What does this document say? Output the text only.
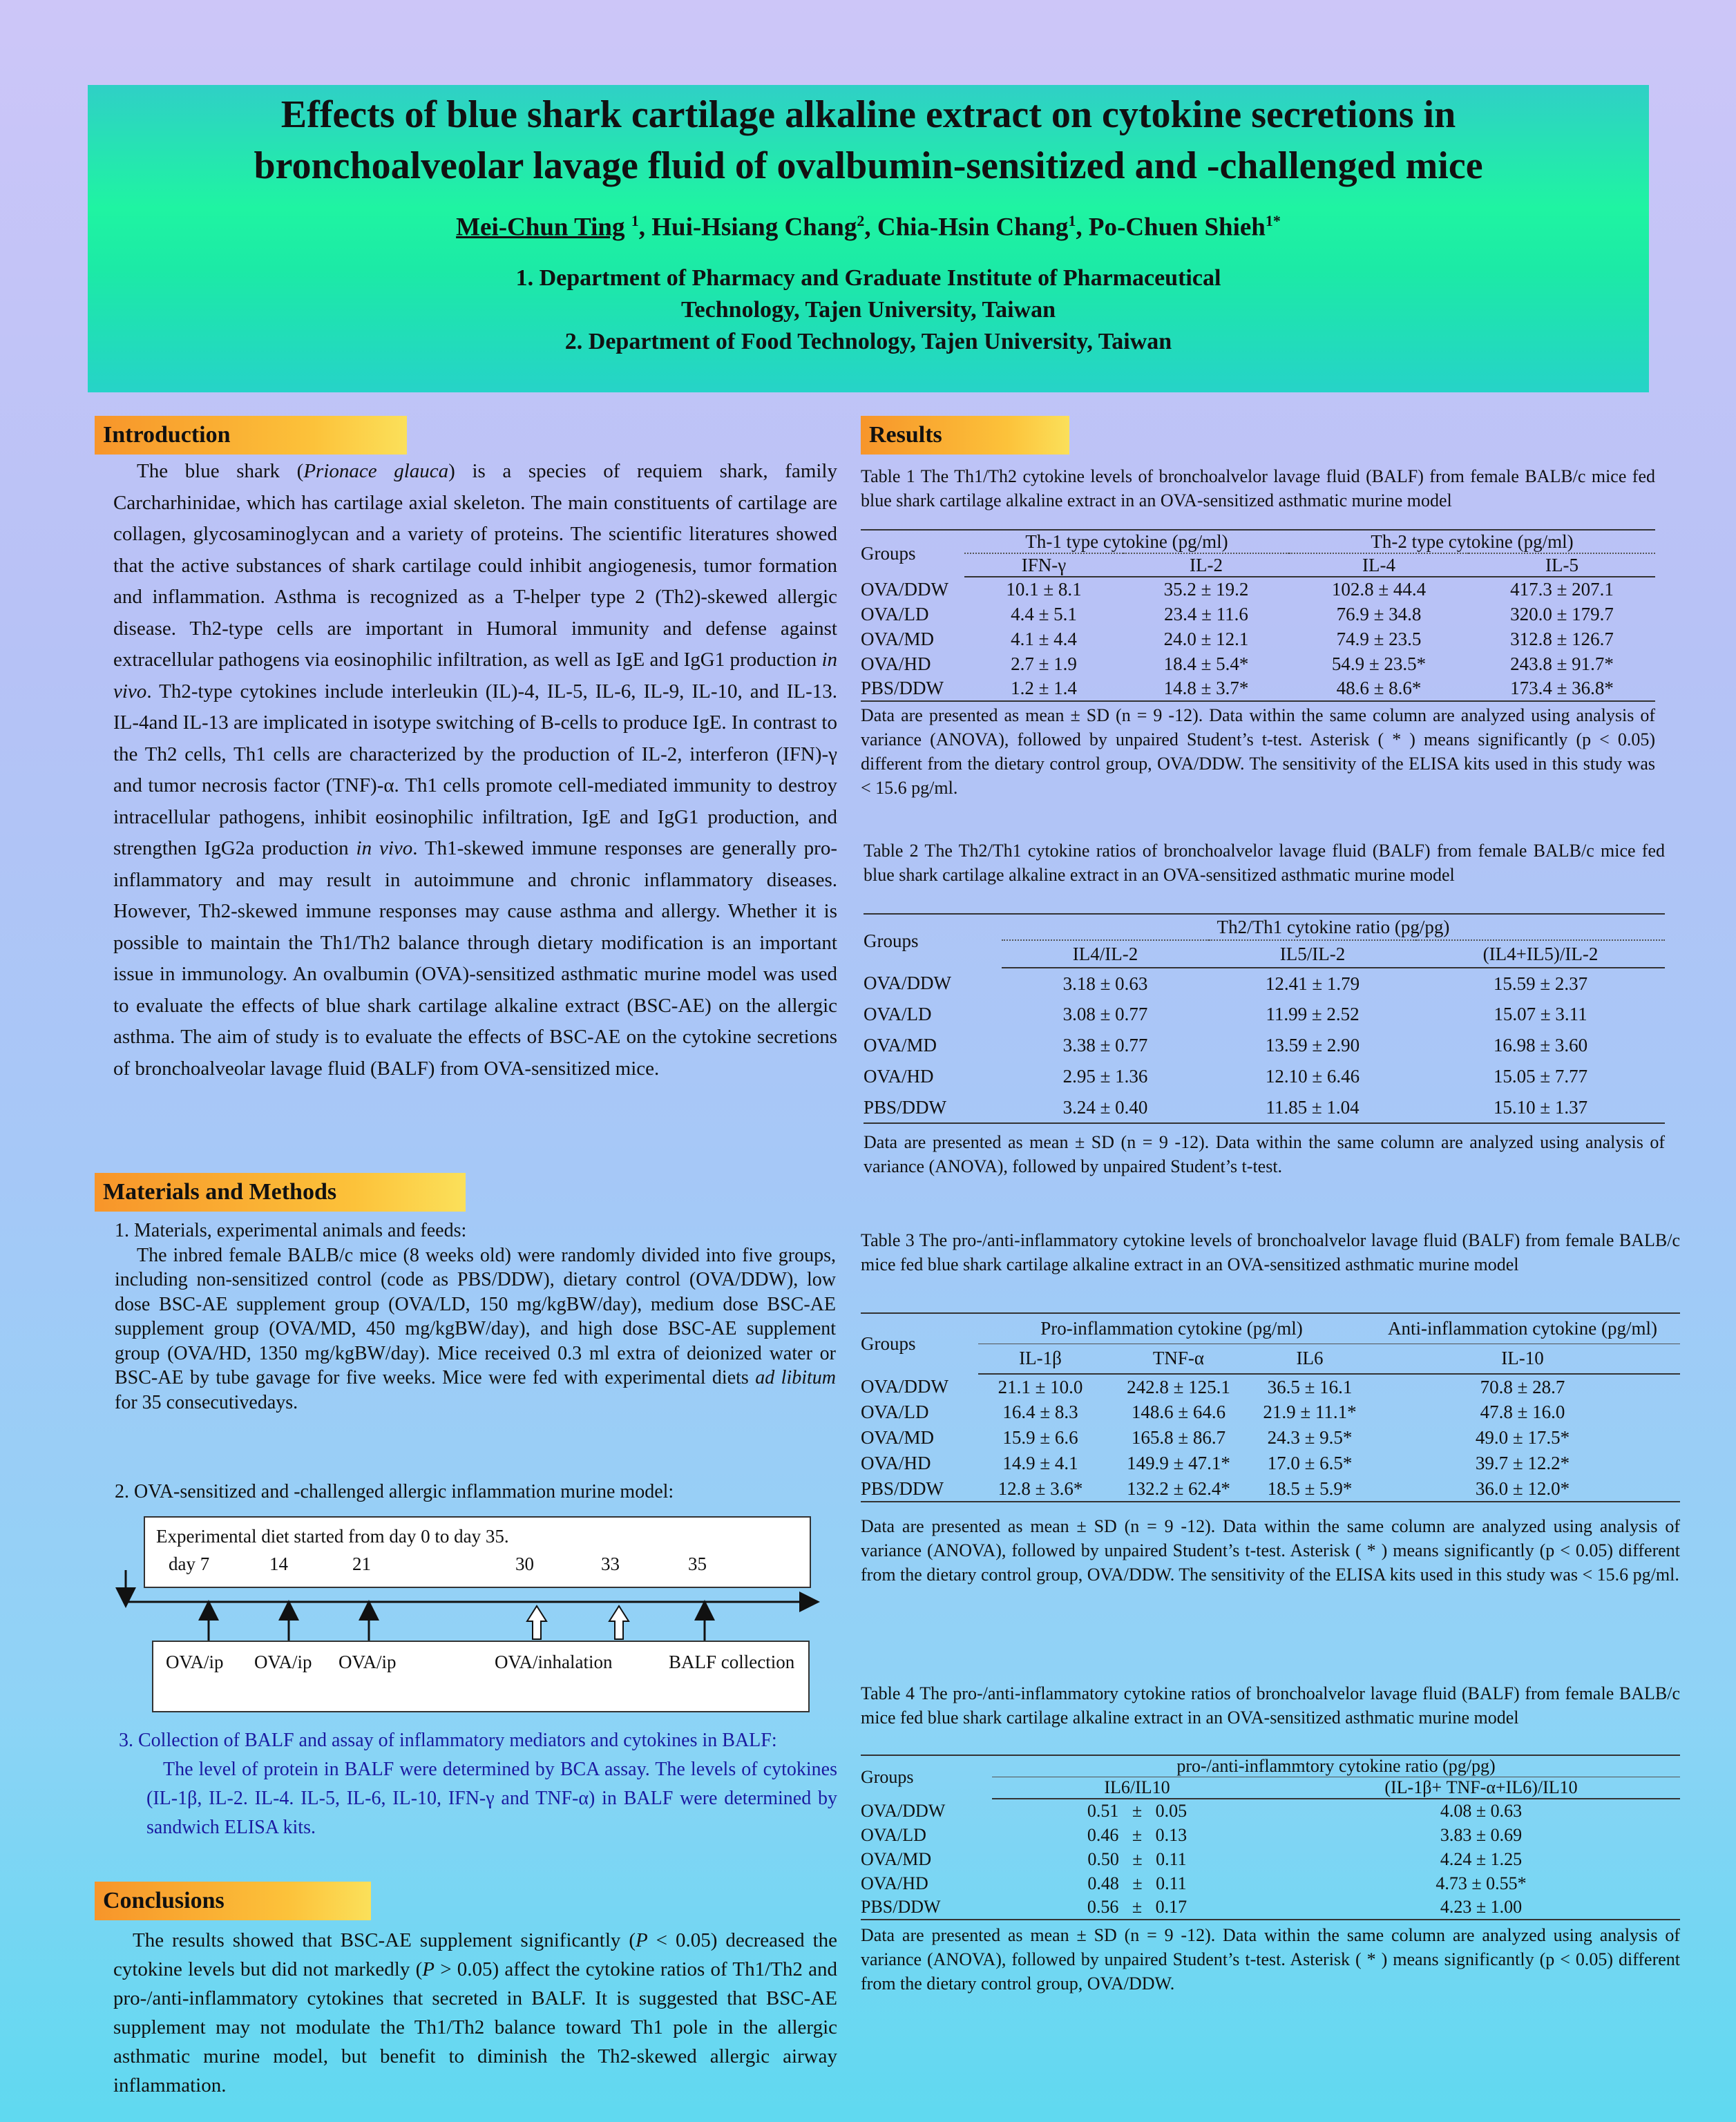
Effects of blue shark cartilage alkaline extract on cytokine secretions in
bronchoalveolar lavage fluid of ovalbumin-sensitized and -challenged mice
Mei-Chun Ting $^1$, Hui-Hsiang Chang$^2$, Chia-Hsin Chang$^1$, Po-Chuen Shieh$^{1*}$
1. Department of Pharmacy and Graduate Institute of Pharmaceutical
Technology, Tajen University, Taiwan
2. Department of Food Technology, Tajen University, Taiwan
Introduction
The blue shark (Prionace glauca) is a species of requiem shark, family Carcharhinidae, which has cartilage axial skeleton. The main constituents of cartilage are collagen, glycosaminoglycan and a variety of proteins. The scientific literatures showed that the active substances of shark cartilage could inhibit angiogenesis, tumor formation and inflammation. Asthma is recognized as a T-helper type 2 (Th2)-skewed allergic disease. Th2-type cells are important in Humoral immunity and defense against extracellular pathogens via eosinophilic infiltration, as well as IgE and IgG1 production in vivo. Th2-type cytokines include interleukin (IL)-4, IL-5, IL-6, IL-9, IL-10, and IL-13. IL-4and IL-13 are implicated in isotype switching of B-cells to produce IgE. In contrast to the Th2 cells, Th1 cells are characterized by the production of IL-2, interferon (IFN)-γ and tumor necrosis factor (TNF)-α. Th1 cells promote cell-mediated immunity to destroy intracellular pathogens, inhibit eosinophilic infiltration, IgE and IgG1 production, and strengthen IgG2a production in vivo. Th1-skewed immune responses are generally pro-inflammatory and may result in autoimmune and chronic inflammatory diseases. However, Th2-skewed immune responses may cause asthma and allergy. Whether it is possible to maintain the Th1/Th2 balance through dietary modification is an important issue in immunology. An ovalbumin (OVA)-sensitized asthmatic murine model was used to evaluate the effects of blue shark cartilage alkaline extract (BSC-AE) on the allergic asthma. The aim of study is to evaluate the effects of BSC-AE on the cytokine secretions of bronchoalveolar lavage fluid (BALF) from OVA-sensitized mice.
Materials and Methods
1. Materials, experimental animals and feeds:
The inbred female BALB/c mice (8 weeks old) were randomly divided into five groups, including non-sensitized control (code as PBS/DDW), dietary control (OVA/DDW), low dose BSC-AE supplement group (OVA/LD, 150 mg/kgBW/day), medium dose BSC-AE supplement group (OVA/MD, 450 mg/kgBW/day), and high dose BSC-AE supplement group (OVA/HD, 1350 mg/kgBW/day). Mice received 0.3 ml extra of deionized water or BSC-AE by tube gavage for five weeks. Mice were fed with experimental diets ad libitum for 35 consecutivedays.
2. OVA-sensitized and -challenged allergic inflammation murine model:
Experimental diet started from day 0 to day 35.
day 7	14	21	30	33	35
OVA/ip OVA/ip OVA/ip	OVA/inhalation	BALF collection
3. Collection of BALF and assay of inflammatory mediators and cytokines in BALF:
The level of protein in BALF were determined by BCA assay. The levels of cytokines (IL-1β, IL-2. IL-4. IL-5, IL-6, IL-10, IFN-γ and TNF-α) in BALF were determined by sandwich ELISA kits.
Conclusions
The results showed that BSC-AE supplement significantly (P < 0.05) decreased the cytokine levels but did not markedly (P > 0.05) affect the cytokine ratios of Th1/Th2 and pro-/anti-inflammatory cytokines that secreted in BALF. It is suggested that BSC-AE supplement may not modulate the Th1/Th2 balance toward Th1 pole in the allergic asthmatic murine model, but benefit to diminish the Th2-skewed allergic airway inflammation.
Results
Table 1 The Th1/Th2 cytokine levels of bronchoalvelor lavage fluid (BALF) from female BALB/c mice fed blue shark cartilage alkaline extract in an OVA-sensitized asthmatic murine model
Groups	Th-1 type cytokine (pg/ml)		Th-2 type cytokine (pg/ml)	
	IFN-γ	IL-2	IL-4	IL-5
OVA/DDW	10.1 ± 8.1	35.2 ± 19.2	102.8 ± 44.4	417.3 ± 207.1
OVA/LD	4.4 ± 5.1	23.4 ± 11.6	76.9 ± 34.8	320.0 ± 179.7
OVA/MD	4.1 ± 4.4	24.0 ± 12.1	74.9 ± 23.5	312.8 ± 126.7
OVA/HD	2.7 ± 1.9	18.4 ± 5.4*	54.9 ± 23.5*	243.8 ± 91.7*
PBS/DDW	1.2 ± 1.4	14.8 ± 3.7*	48.6 ± 8.6*	173.4 ± 36.8*
Data are presented as mean ± SD (n = 9 -12). Data within the same column are analyzed using analysis of variance (ANOVA), followed by unpaired Student’s t-test. Asterisk ( * ) means significantly (p < 0.05) different from the dietary control group, OVA/DDW. The sensitivity of the ELISA kits used in this study was < 15.6 pg/ml.
Table 2 The Th2/Th1 cytokine ratios of bronchoalvelor lavage fluid (BALF) from female BALB/c mice fed blue shark cartilage alkaline extract in an OVA-sensitized asthmatic murine model
Groups	Th2/Th1 cytokine ratio (pg/pg)		
	IL4/IL-2	IL5/IL-2	(IL4+IL5)/IL-2
OVA/DDW	3.18 ± 0.63	12.41 ± 1.79	15.59 ± 2.37
OVA/LD	3.08 ± 0.77	11.99 ± 2.52	15.07 ± 3.11
OVA/MD	3.38 ± 0.77	13.59 ± 2.90	16.98 ± 3.60
OVA/HD	2.95 ± 1.36	12.10 ± 6.46	15.05 ± 7.77
PBS/DDW	3.24 ± 0.40	11.85 ± 1.04	15.10 ± 1.37
Data are presented as mean ± SD (n = 9 -12). Data within the same column are analyzed using analysis of variance (ANOVA), followed by unpaired Student’s t-test.
Table 3 The pro-/anti-inflammatory cytokine levels of bronchoalvelor lavage fluid (BALF) from female BALB/c mice fed blue shark cartilage alkaline extract in an OVA-sensitized asthmatic murine model
Groups	Pro-inflammation cytokine (pg/ml)			Anti-inflammation cytokine (pg/ml)
	IL-1β	TNF-α	IL6	IL-10
OVA/DDW	21.1 ± 10.0	242.8 ± 125.1	36.5 ± 16.1	70.8 ± 28.7
OVA/LD	16.4 ± 8.3	148.6 ± 64.6	21.9 ± 11.1*	47.8 ± 16.0
OVA/MD	15.9 ± 6.6	165.8 ± 86.7	24.3 ± 9.5*	49.0 ± 17.5*
OVA/HD	14.9 ± 4.1	149.9 ± 47.1*	17.0 ± 6.5*	39.7 ± 12.2*
PBS/DDW	12.8 ± 3.6*	132.2 ± 62.4*	18.5 ± 5.9*	36.0 ± 12.0*
Data are presented as mean ± SD (n = 9 -12). Data within the same column are analyzed using analysis of variance (ANOVA), followed by unpaired Student’s t-test. Asterisk ( * ) means significantly (p < 0.05) different from the dietary control group, OVA/DDW. The sensitivity of the ELISA kits used in this study was < 15.6 pg/ml.
Table 4 The pro-/anti-inflammatory cytokine ratios of bronchoalvelor lavage fluid (BALF) from female BALB/c mice fed blue shark cartilage alkaline extract in an OVA-sensitized asthmatic murine model
Groups	pro-/anti-inflammtory cytokine ratio (pg/pg)	
	IL6/IL10	(IL-1β+ TNF-α+IL6)/IL10
OVA/DDW	0.51   ±   0.05	4.08 ± 0.63
OVA/LD	0.46   ±   0.13	3.83 ± 0.69
OVA/MD	0.50   ±   0.11	4.24 ± 1.25
OVA/HD	0.48   ±   0.11	4.73 ± 0.55*
PBS/DDW	0.56   ±   0.17	4.23 ± 1.00
Data are presented as mean ± SD (n = 9 -12). Data within the same column are analyzed using analysis of variance (ANOVA), followed by unpaired Student’s t-test. Asterisk ( * ) means significantly (p < 0.05) different from the dietary control group, OVA/DDW.
